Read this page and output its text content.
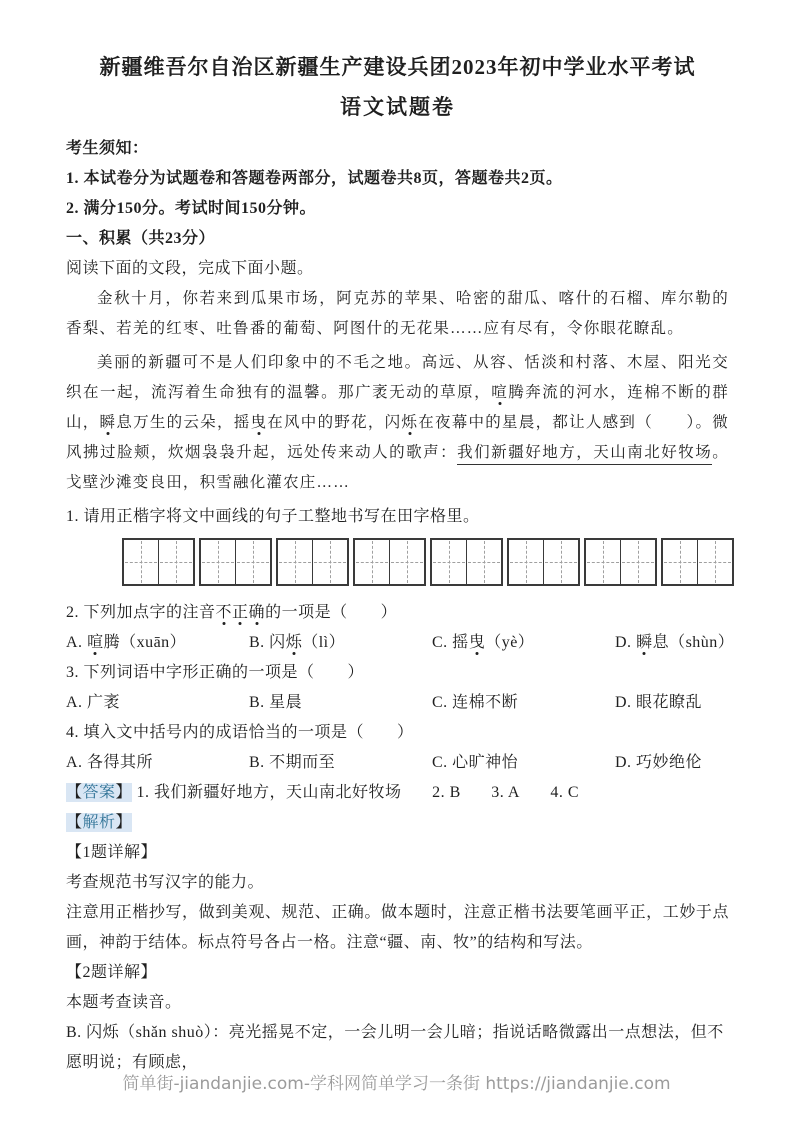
新疆维吾尔自治区新疆生产建设兵团2023年初中学业水平考试
语文试题卷
考生须知：
1. 本试卷分为试题卷和答题卷两部分，试题卷共8页，答题卷共2页。
2. 满分150分。考试时间150分钟。
一、积累（共23分）
阅读下面的文段，完成下面小题。

金秋十月，你若来到瓜果市场，阿克苏的苹果、哈密的甜瓜、喀什的石榴、库尔勒的香梨、若羌的红枣、吐鲁番的葡萄、阿图什的无花果……应有尽有，令你眼花瞭乱。

美丽的新疆可不是人们印象中的不毛之地。高远、从容、恬淡和村落、木屋、阳光交织在一起，流泻着生命独有的温馨。那广袤无动的草原，喧腾奔流的河水，连棉不断的群山，瞬息万生的云朵，摇曳在风中的野花，闪烁在夜幕中的星晨，都让人感到（　　）。微风拂过脸颊，炊烟袅袅升起，远处传来动人的歌声：我们新疆好地方，天山南北好牧场。戈壁沙滩变良田，积雪融化灌农庄……

1. 请用正楷字将文中画线的句子工整地书写在田字格里。
2. 下列加点字的注音不正确的一项是（　　）
A. 喧腾（xuān）	B. 闪烁（lì）	C. 摇曳（yè）	D. 瞬息（shùn）
3. 下列词语中字形正确的一项是（　　）
A. 广袤	B. 星晨	C. 连棉不断	D. 眼花瞭乱
4. 填入文中括号内的成语恰当的一项是（　　）
A. 各得其所	B. 不期而至	C. 心旷神怡	D. 巧妙绝伦
【答案】 1. 我们新疆好地方，天山南北好牧场 2. B 3. A 4. C
【解析】
【1题详解】
考查规范书写汉字的能力。

注意用正楷抄写，做到美观、规范、正确。做本题时，注意正楷书法要笔画平正，工妙于点画，神韵于结体。标点符号各占一格。注意“疆、南、牧”的结构和写法。

【2题详解】
本题考查读音。
B. 闪烁（shǎn shuò）：亮光摇晃不定，一会儿明一会儿暗；指说话略微露出一点想法，但不愿明说；有顾虑，
简单街-jiandanjie.com-学科网简单学习一条街 https://jiandanjie.com
